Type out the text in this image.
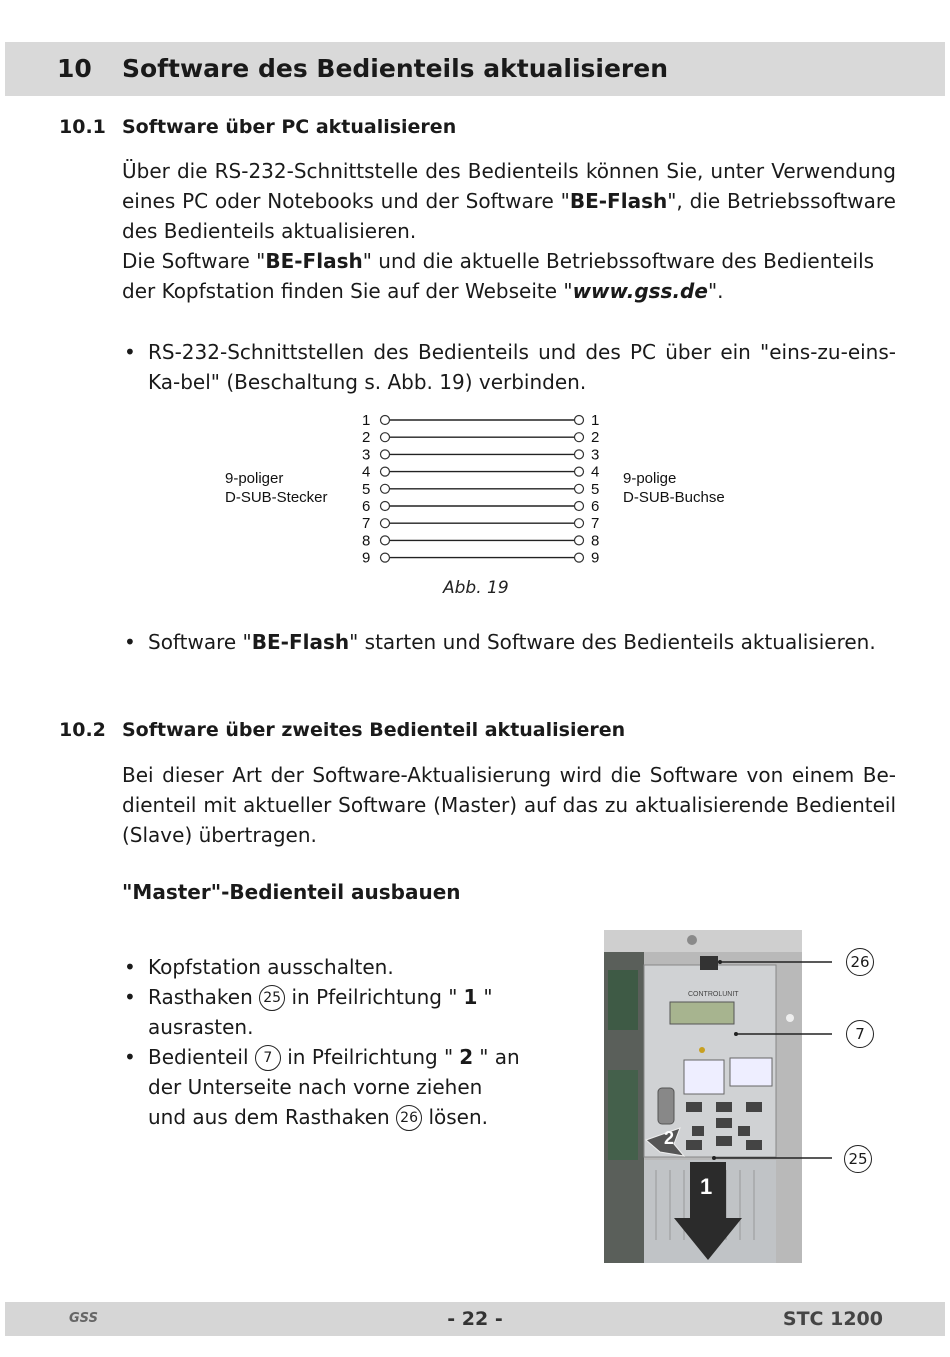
10 Software des Bedienteils aktualisieren
10.1 Software über PC aktualisieren

Über die RS-232-Schnittstelle des Bedienteils können Sie, unter Verwendung eines PC oder Notebooks und der Software "BE-Flash", die Betriebssoftware des Bedienteils aktualisieren.

Die Software "BE-Flash" und die aktuelle Betriebssoftware des Bedienteils der Kopfstation finden Sie auf der Webseite "www.gss.de".

• RS-232-Schnittstellen des Bedienteils und des PC über ein "eins-zu-eins-Ka-bel" (Beschaltung s. Abb. 19) verbinden.
9-poliger
D-SUB-Stecker
9-polige
D-SUB-Buchse
1	1
2	2
3	3
4	4
5	5
6	6
7	7
8	8
9	9
Abb. 19
• Software "BE-Flash" starten und Software des Bedienteils aktualisieren.
10.2 Software über zweites Bedienteil aktualisieren

Bei dieser Art der Software-Aktualisierung wird die Software von einem Be-dienteil mit aktueller Software (Master) auf das zu aktualisierende Bedienteil (Slave) übertragen.

"Master"-Bedienteil ausbauen
• Kopfstation ausschalten.
• Rasthaken 25 in Pfeilrichtung " 1 " ausrasten.
• Bedienteil 7 in Pfeilrichtung " 2 " an der Unterseite nach vorne ziehen und aus dem Rasthaken 26 lösen.
CONTROLUNIT
1
2
26
7
25
GSS	- 22 -	STC 1200
